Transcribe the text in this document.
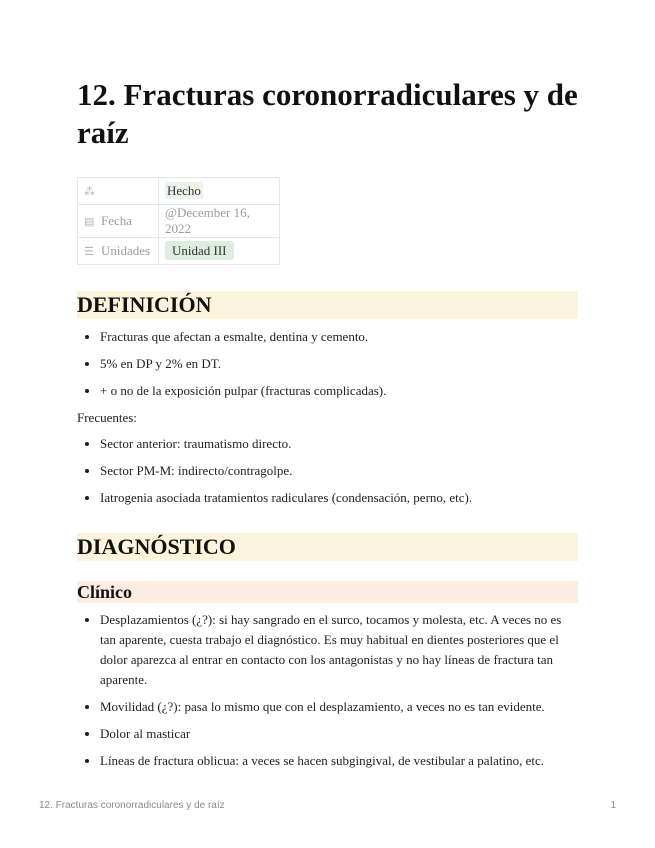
12. Fracturas coronorradiculares y de raíz
⁂	Hecho
▤ Fecha	@December 16, 2022
☰ Unidades	Unidad III
DEFINICIÓN
• Fracturas que afectan a esmalte, dentina y cemento.
• 5% en DP y 2% en DT.
• + o no de la exposición pulpar (fracturas complicadas).

Frecuentes:

• Sector anterior: traumatismo directo.
• Sector PM-M: indirecto/contragolpe.
• Iatrogenia asociada tratamientos radiculares (condensación, perno, etc).
DIAGNÓSTICO
Clínico
• Desplazamientos (¿?): si hay sangrado en el surco, tocamos y molesta, etc. A veces no es tan aparente, cuesta trabajo el diagnóstico. Es muy habitual en dientes posteriores que el dolor aparezca al entrar en contacto con los antagonistas y no hay líneas de fractura tan aparente.
• Movilidad (¿?): pasa lo mismo que con el desplazamiento, a veces no es tan evidente.
• Dolor al masticar
• Líneas de fractura oblicua: a veces se hacen subgingival, de vestibular a palatino, etc.
12. Fracturas coronorradiculares y de raíz	1
